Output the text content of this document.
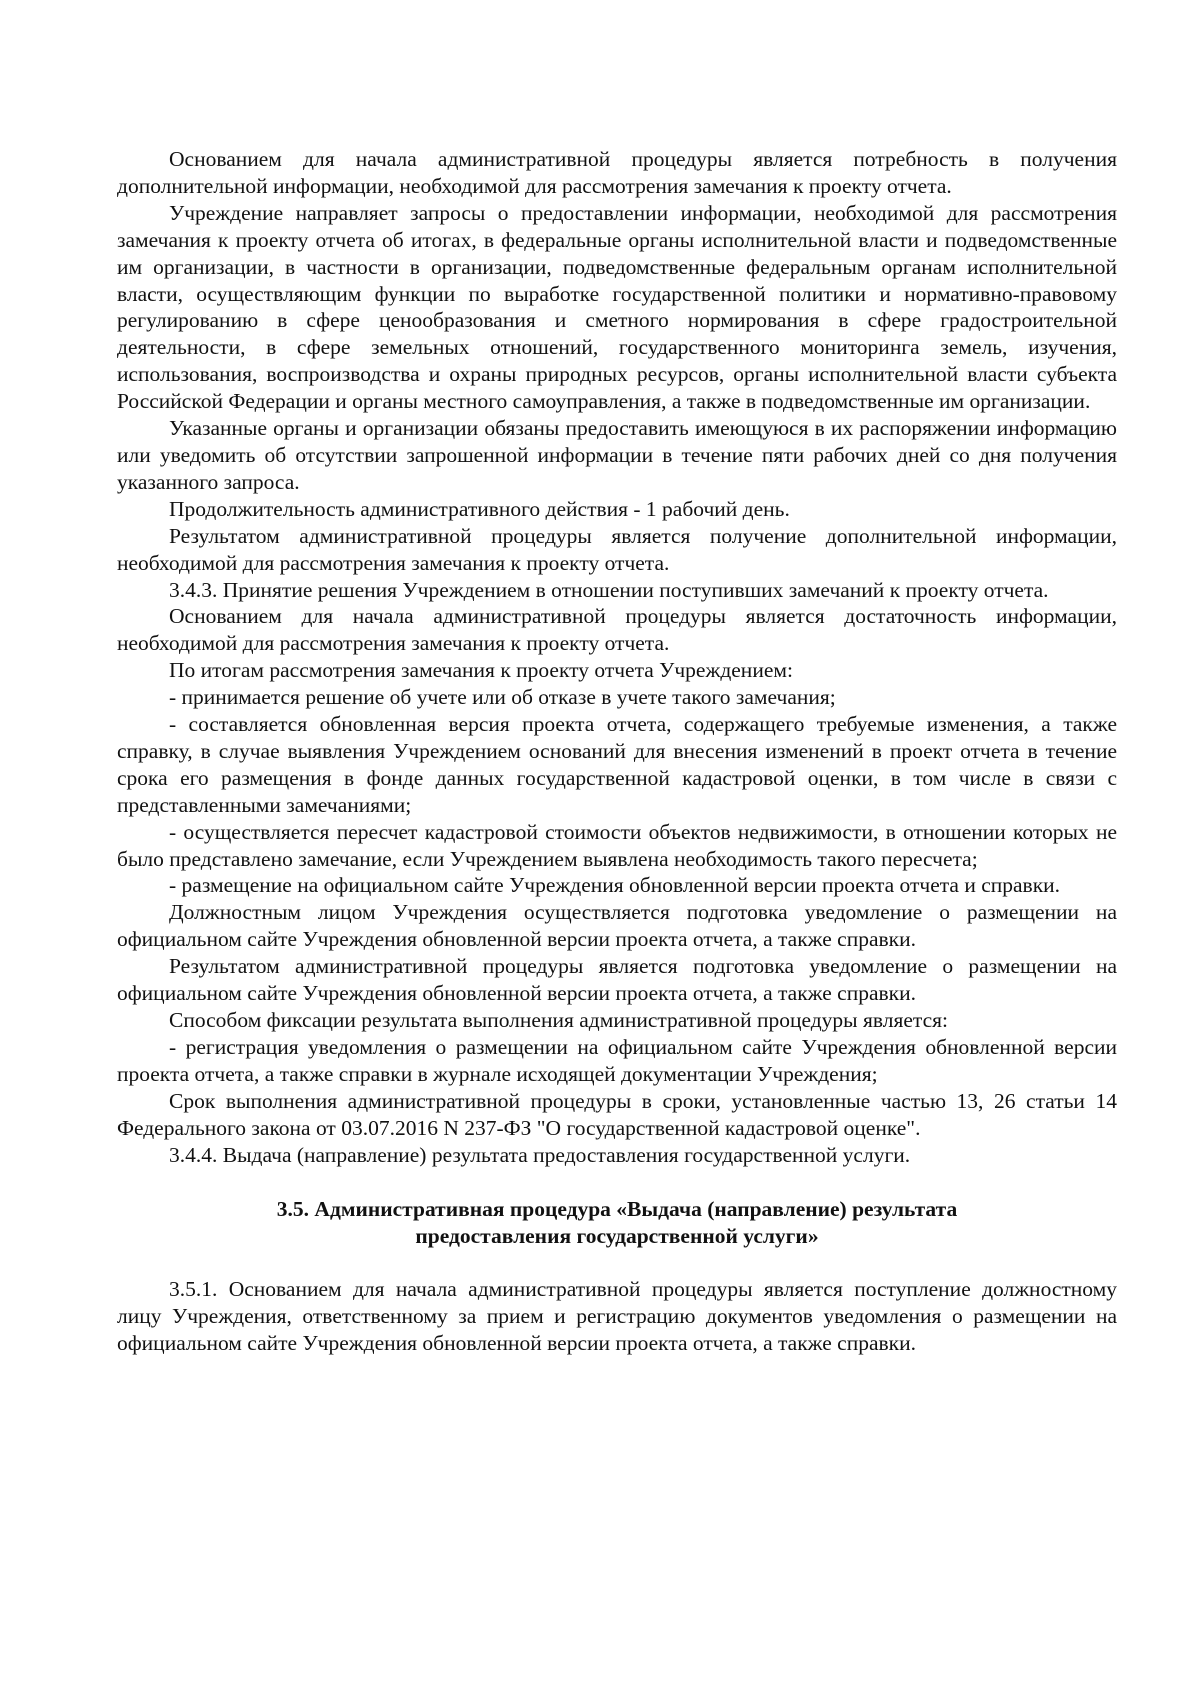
Основанием для начала административной процедуры является потребность в получения дополнительной информации, необходимой для рассмотрения замечания к проекту отчета.

Учреждение направляет запросы о предоставлении информации, необходимой для рассмотрения замечания к проекту отчета об итогах, в федеральные органы исполнительной власти и подведомственные им организации, в частности в организации, подведомственные федеральным органам исполнительной власти, осуществляющим функции по выработке государственной политики и нормативно-правовому регулированию в сфере ценообразования и сметного нормирования в сфере градостроительной деятельности, в сфере земельных отношений, государственного мониторинга земель, изучения, использования, воспроизводства и охраны природных ресурсов, органы исполнительной власти субъекта Российской Федерации и органы местного самоуправления, а также в подведомственные им организации.

Указанные органы и организации обязаны предоставить имеющуюся в их распоряжении информацию или уведомить об отсутствии запрошенной информации в течение пяти рабочих дней со дня получения указанного запроса.

Продолжительность административного действия - 1 рабочий день.

Результатом административной процедуры является получение дополнительной информации, необходимой для рассмотрения замечания к проекту отчета.

3.4.3. Принятие решения Учреждением в отношении поступивших замечаний к проекту отчета.

Основанием для начала административной процедуры является достаточность информации, необходимой для рассмотрения замечания к проекту отчета.

По итогам рассмотрения замечания к проекту отчета Учреждением:

- принимается решение об учете или об отказе в учете такого замечания;

- составляется обновленная версия проекта отчета, содержащего требуемые изменения, а также справку, в случае выявления Учреждением оснований для внесения изменений в проект отчета в течение срока его размещения в фонде данных государственной кадастровой оценки, в том числе в связи с представленными замечаниями;

- осуществляется пересчет кадастровой стоимости объектов недвижимости, в отношении которых не было представлено замечание, если Учреждением выявлена необходимость такого пересчета;

- размещение на официальном сайте Учреждения обновленной версии проекта отчета и справки.

Должностным лицом Учреждения осуществляется подготовка уведомление о размещении на официальном сайте Учреждения обновленной версии проекта отчета, а также справки.

Результатом административной процедуры является подготовка уведомление о размещении на официальном сайте Учреждения обновленной версии проекта отчета, а также справки.

Способом фиксации результата выполнения административной процедуры является:

- регистрация уведомления о размещении на официальном сайте Учреждения обновленной версии проекта отчета, а также справки в журнале исходящей документации Учреждения;

Срок выполнения административной процедуры в сроки, установленные частью 13, 26 статьи 14 Федерального закона от 03.07.2016 N 237-ФЗ "О государственной кадастровой оценке".

3.4.4. Выдача (направление) результата предоставления государственной услуги.

3.5. Административная процедура «Выдача (направление) результата
предоставления государственной услуги»

3.5.1. Основанием для начала административной процедуры является поступление должностному лицу Учреждения, ответственному за прием и регистрацию документов уведомления о размещении на официальном сайте Учреждения обновленной версии проекта отчета, а также справки.
